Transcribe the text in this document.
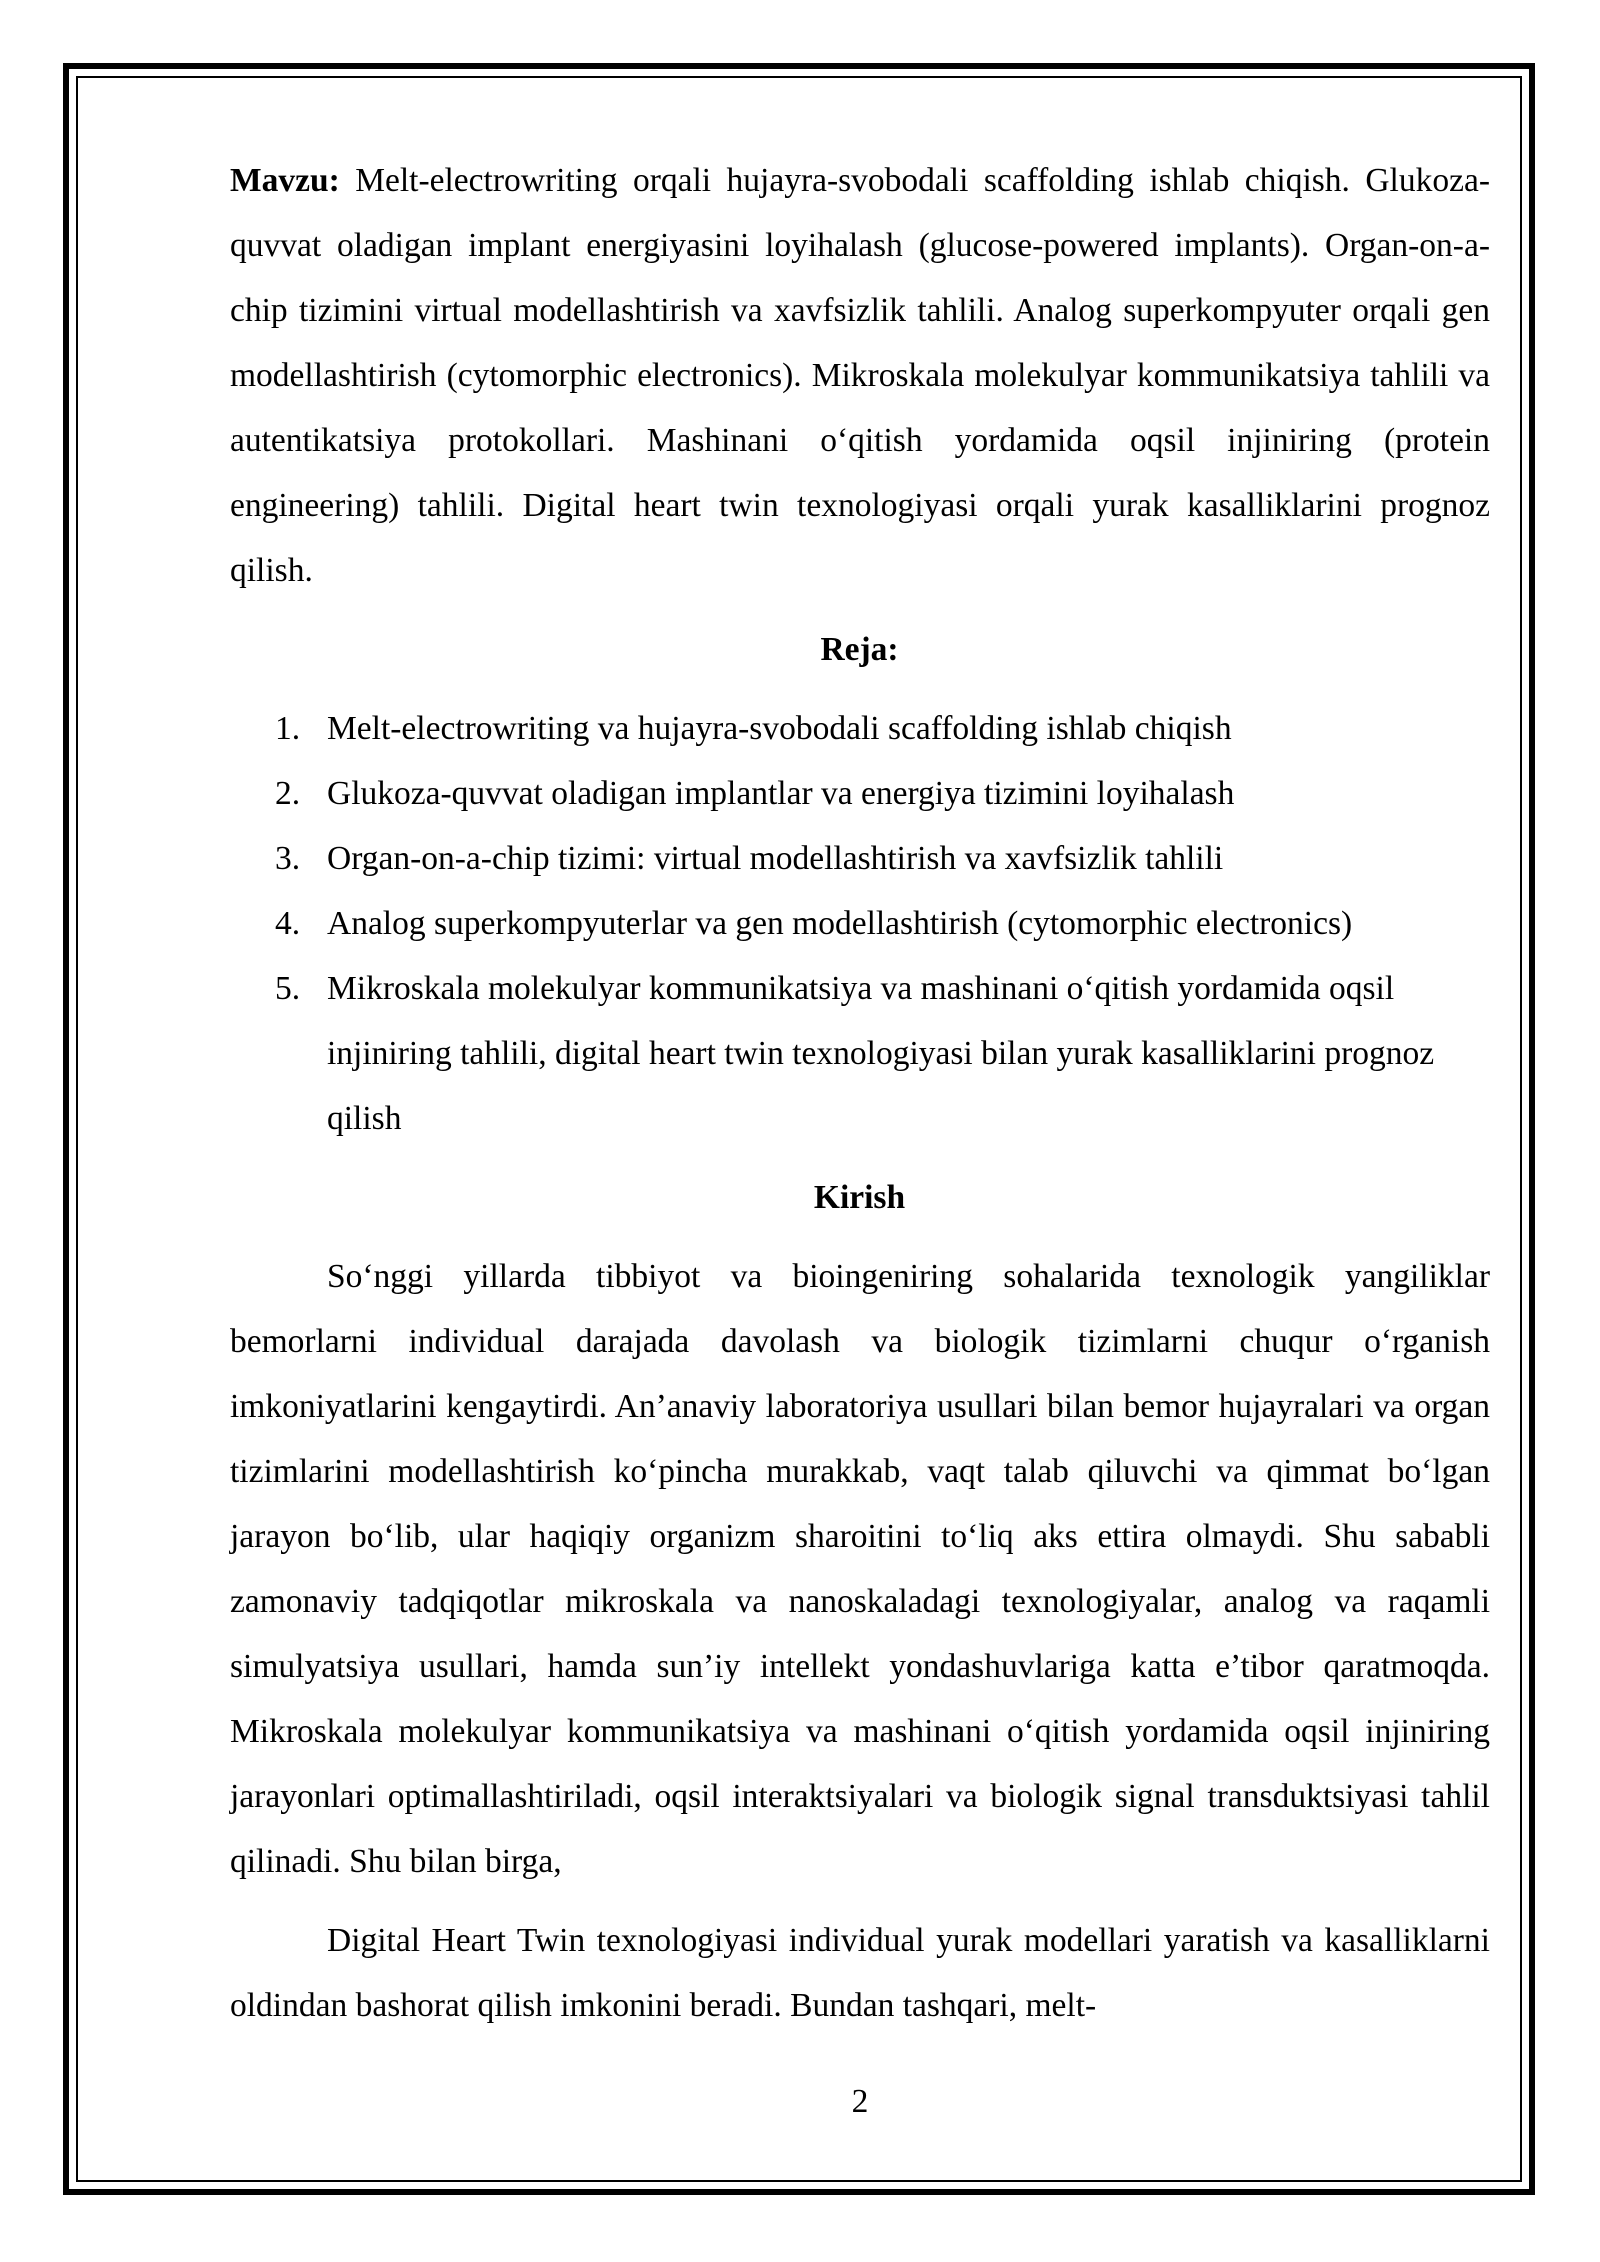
Mavzu: Melt-electrowriting orqali hujayra-svobodali scaffolding ishlab chiqish. Glukoza-quvvat oladigan implant energiyasini loyihalash (glucose-powered implants). Organ-on-a-chip tizimini virtual modellashtirish va xavfsizlik tahlili. Analog superkompyuter orqali gen modellashtirish (cytomorphic electronics). Mikroskala molekulyar kommunikatsiya tahlili va autentikatsiya protokollari. Mashinani o‘qitish yordamida oqsil injiniring (protein engineering) tahlili. Digital heart twin texnologiyasi orqali yurak kasalliklarini prognoz qilish.

Reja:
1. Melt-electrowriting va hujayra-svobodali scaffolding ishlab chiqish
2. Glukoza-quvvat oladigan implantlar va energiya tizimini loyihalash
3. Organ-on-a-chip tizimi: virtual modellashtirish va xavfsizlik tahlili
4. Analog superkompyuterlar va gen modellashtirish (cytomorphic electronics)
5. Mikroskala molekulyar kommunikatsiya va mashinani o‘qitish yordamida oqsil injiniring tahlili, digital heart twin texnologiyasi bilan yurak kasalliklarini prognoz qilish
Kirish

So‘nggi yillarda tibbiyot va bioingeniring sohalarida texnologik yangiliklar bemorlarni individual darajada davolash va biologik tizimlarni chuqur o‘rganish imkoniyatlarini kengaytirdi. An’anaviy laboratoriya usullari bilan bemor hujayralari va organ tizimlarini modellashtirish ko‘pincha murakkab, vaqt talab qiluvchi va qimmat bo‘lgan jarayon bo‘lib, ular haqiqiy organizm sharoitini to‘liq aks ettira olmaydi. Shu sababli zamonaviy tadqiqotlar mikroskala va nanoskaladagi texnologiyalar, analog va raqamli simulyatsiya usullari, hamda sun’iy intellekt yondashuvlariga katta e’tibor qaratmoqda. Mikroskala molekulyar kommunikatsiya va mashinani o‘qitish yordamida oqsil injiniring jarayonlari optimallashtiriladi, oqsil interaktsiyalari va biologik signal transduktsiyasi tahlil qilinadi. Shu bilan birga,

Digital Heart Twin texnologiyasi individual yurak modellari yaratish va kasalliklarni oldindan bashorat qilish imkonini beradi. Bundan tashqari, melt-

2
